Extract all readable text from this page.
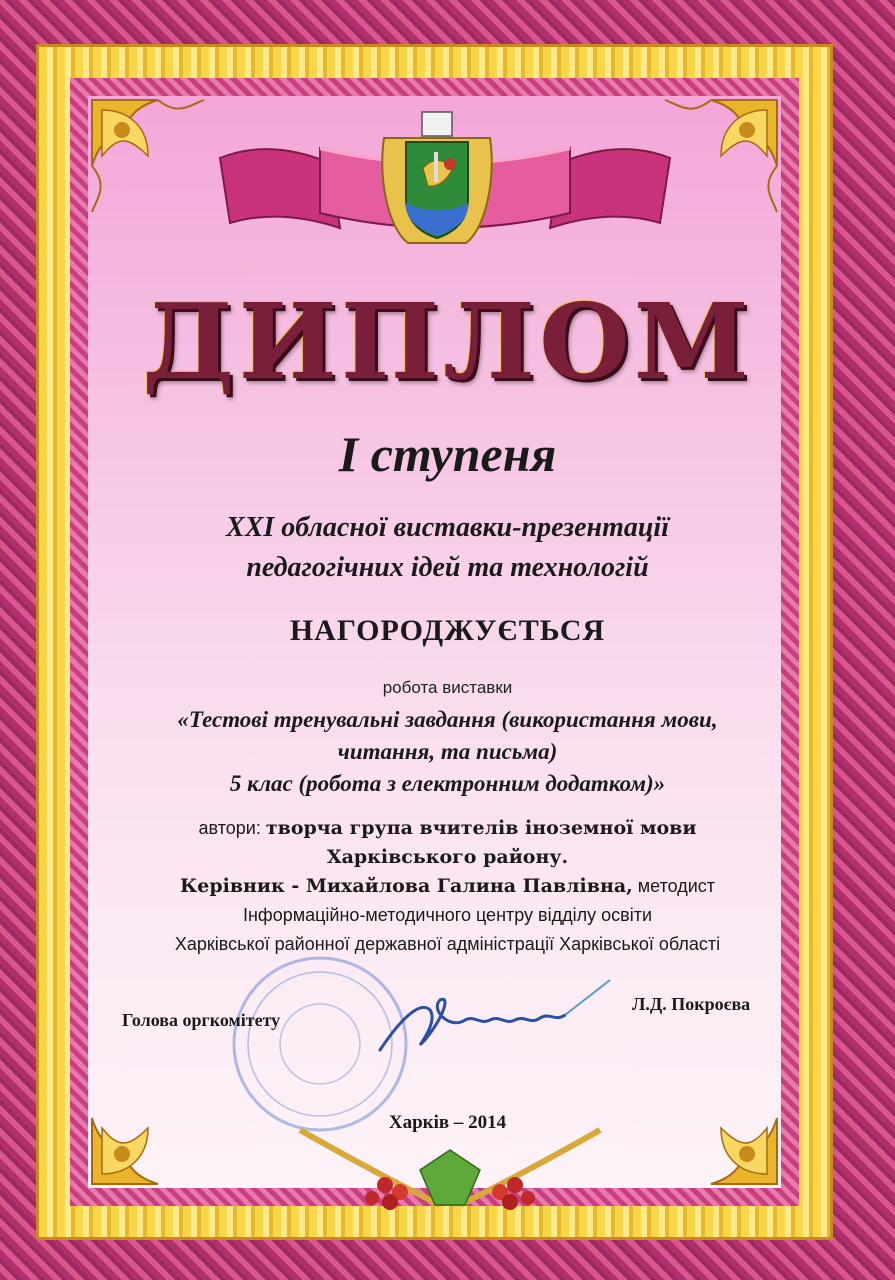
ДИПЛОМ
I ступеня
XXI обласної виставки-презентації
педагогічних ідей та технологій
НАГОРОДЖУЄТЬСЯ
робота виставки
«Тестові тренувальні завдання (використання мови,
читання, та письма)
5 клас (робота з електронним додатком)»
автори: творча група вчителів іноземної мови
Харківського району.
Керівник - Михайлова Галина Павлівна, методист
Інформаційно-методичного центру відділу освіти
Харківської районної державної адміністрації Харківської області
Голова оргкомітету
Л.Д. Покроєва
Харків – 2014
